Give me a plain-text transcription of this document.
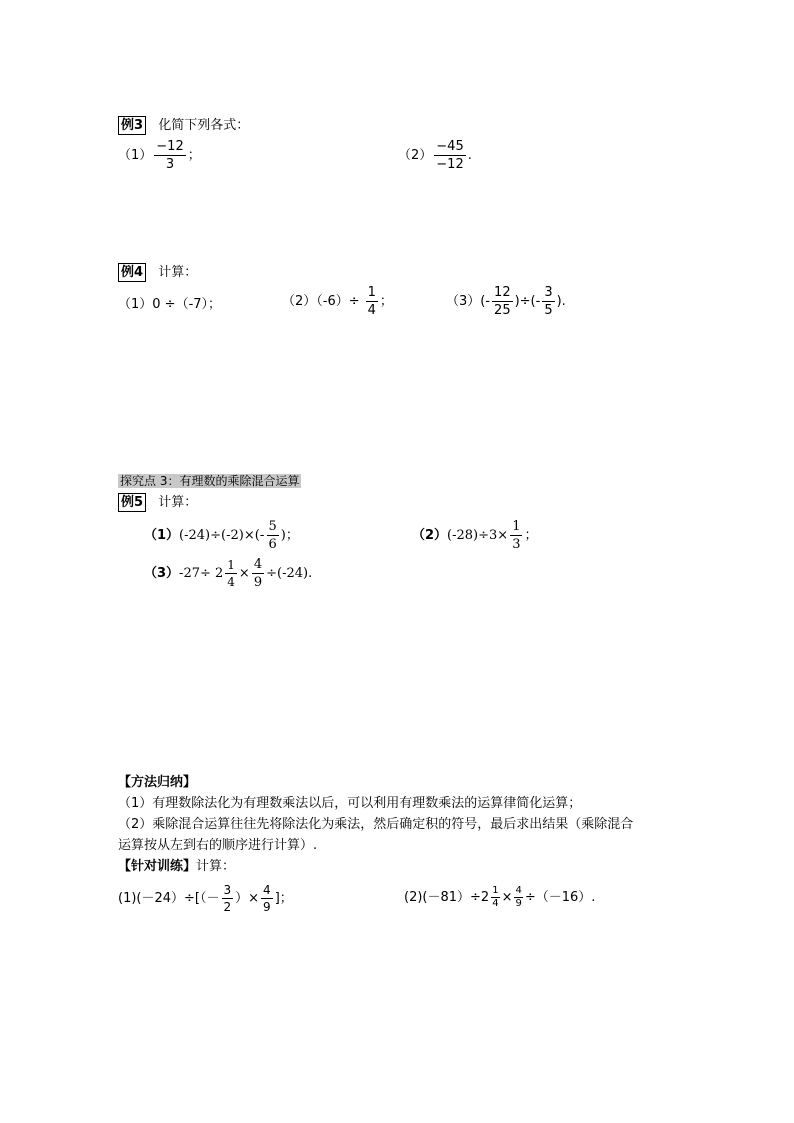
例3 化简下列各式：
$(1) \frac{-12}{3}$ ；	$(2) \frac{-45}{-12}$ .
例4 计算：
（1）0 ÷（-7）；	$(2)(-6)\div \frac{1}{4}$ ；	$(3)(- \frac{12}{25}$ )÷(- $\frac{3}{5}$ ).
探究点 3：有理数的乘除混合运算
例5 计算：
（1） $(-24)\div(-2)\times( - \frac{5}{6}$ )；	（2） $(-28)\div 3\times \frac{1}{3}$ ；
（3） $-27\div 2 \frac{1}{4} \times \frac{4}{9} \div(-24)$.
【方法归纳】
（1）有理数除法化为有理数乘法以后，可以利用有理数乘法的运算律简化运算；
（2）乘除混合运算往往先将除法化为乘法，然后确定积的符号，最后求出结果（乘除混合
运算按从左到右的顺序进行计算）.
【针对训练】计算：
$(1)(-24)\div[(- \frac{3}{2}$ ）× $\frac{4}{9}$ ]；	$(2)(-81)\div 2 \frac{1}{4} \times \frac{4}{9} \div(-16)$.
